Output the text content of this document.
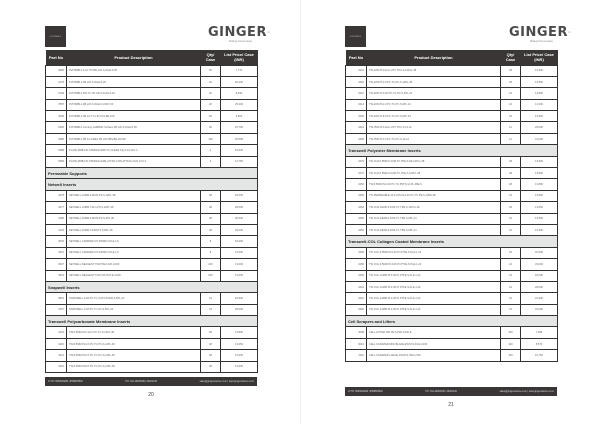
CORNING	GINGER™
Making Science Easy
Part No	Product Description	Qty/ Case	List Price/ Case (INR)
0890	PLTNMBL1.0-L0.75-50D,LID,S,IN,ELS,50	50	7,770
0178	PLTNMBL1.0B,LID,S,IN,ELS,20	20	25,200
0799	PLTNMBL1.0W,TC,TR,LID,S,IN,ELS,20	20	8,540
7887	PLTNMBL1.0B,LID,S,IN,ELS,ASSY,20	20	25,200
3696	PLTNMBL1.0B,1/2 TC,LID,S,IN,BE,100	60	9,800
0390	PLTNMBL1.Corning CellBIND Surface,FB,LID,S,IN,ELS,50	60	20,790
3686	PLTNMBL1.0B,1/2 AREA,FB,LID,NBS,BE,20/100	100	35,596
0988	PLATE,RMB,LID,STERILE,96W,TC,CLEAR,SQ,S,IN,12/1.4	4	19,530
0989	PLATE,RMB,LID,STERILE,SIZE,ULTRA LOW ATTACH,S,IN,12/1.2	4	14,750
Permeable Supports			
Netwell Inserts			
3478	NETWELL,24MM,440UM,PS,S,12PL,48	48	18,000
3477	NETWELL,24MM,74um,PS,S,12PL,48	48	28,000
6180	NETWELL,15MM,440UM,PS,S,6PL,48	48	30,000
3479	NETWELL,15MM,74UM,PS,S,6PL,48	48	29,000
3520	NETWELL CARRIER,KIT,15MM,N,IN,E,1,8	8	54,000
3521	NETWELL CARRIER,KIT,24MM,N,IN,E,1,8	8	13,000
3527	NETWELL REAGENT TRAY,BLK,200,1/200	200	13,000
3519	NETWELL REAGENT TRAY,WHT,IN,E,1/200	200	13,000
Snapwell Inserts			
3801	SNAPWELL,0.40 PC,TC,CUP FILTER,S,6PL,24	24	18,900
3407	SNAPWELL,0.40 PC,TC,PC,S,6PL,24	24	28,000
Transwell Polycarbonate Membrane Inserts			
3413	TW,6.5MM PL0.4um PC,TC,S,12PL,48	48	13,800
3415	TW,6.5MM PL3.0 PC,TC,PC,S,12PL,48	48	13,650
3421	TW,6.5MM PL5.0 PC,TC,PC,S,12PL,48	48	13,600
3422	TW,6.5MM PL8.0 PC,TC,PC,S,12PL,48	48	13,600
✆ HO: 9650020286 | 9599583502	HO: 011-26293036 | 26201236	sales@gingerscience.co.in | www.gingerscience.co.in
20
CORNING	GINGER™
Making Science Easy
Part No	Product Description	Qty/ Case	List Price/ Case (INR)
3401	TW,12W PL0.4um HTC TPC,S,12PL1.48	48	13,800
3402	TW,12W PL3.0 PC,TC,PC,S,12PL,48	48	13,800
3412	TW,24W PL0.40 PC,TC,PC,S,6PL,24	24	14,800
3414	TW,24W PL3.0 PC,TC,PC,S,6PL,24	24	14,300
3420	TW,24W PL8.0 PC,TC,PC,S,6PL,24	24	13,800
3419	TW,75W PL0.4um HTC TPC,S,12,12	12	29,000
3428	TW,75W PL3.0 PC,TC,PC,S,12,12	12	41,000
Transwell Polyester Membrane Inserts			
3470	TW CLR,6.5MM,0.4UM,TC,TPE,S,PE,12PL1.48	48	13,800
3472	TW CLR,6.5MM,3.0UM,TC,TPE,S,12PL1.48	48	13,800
3460	TW,6.5MM PL0.40 PC,TC,PSTS,12,PL,48E,S	48	13,800
3450	TW PERMEABLE,24,0,24S PL0.40 PC,TC,PE,S,12PE,48	24	13,800
3462	TW CLR,12MM,3.0UM,TC,TPE,S,12PL1.48	48	13,650
3450	TW CLR,24MM,0.4UM,TC,TPE,S,6PL,24	24	13,800
3452	TW CLR,24MM,3.0UM,TC,TPE,S,6PL,24	24	13,800
Transwell-COL Collagen Coated Membrane Inserts			
3495	TW COL,6.5MM PL0.40 PI,PTFE,S,IN,E,1,24	24	32,500
3496	TW COL,6.5MM PL3.00 PI,PTFE,S,IN,E,1,24	24	33,000
3493	TW COL,12MM PL0.40 PI,PTFE,S,IN,E,1,24	24	18,000
3491	TW COL,12MM PL3.00 PI,PTFE,S,IN,E,1,24	24	28,000
3491	TW COL,24MM PL0.40 PI,PTFE,S,IN,E,1,24	24	31,900
3492	TW COL,24MM PL3.00 PI,PTFE,S,IN,E,1,24	24	43,000
Cell Scrapers and Lifters			
3008	CELL LIFTER,180 PE,S,IND,1/100 E	100	7,999
3010	CELL SCRAPER,MINI BLADE,25CM,S,IN,E,1/100	100	8,570
3011	CELL SCRAPER,LARGE,39CM,S,IND,1/100	100	10,750
✆ HO: 9650020286 | 9599583502	HO: 011-26293036 | 26201236	sales@gingerscience.co.in | www.gingerscience.co.in
21
